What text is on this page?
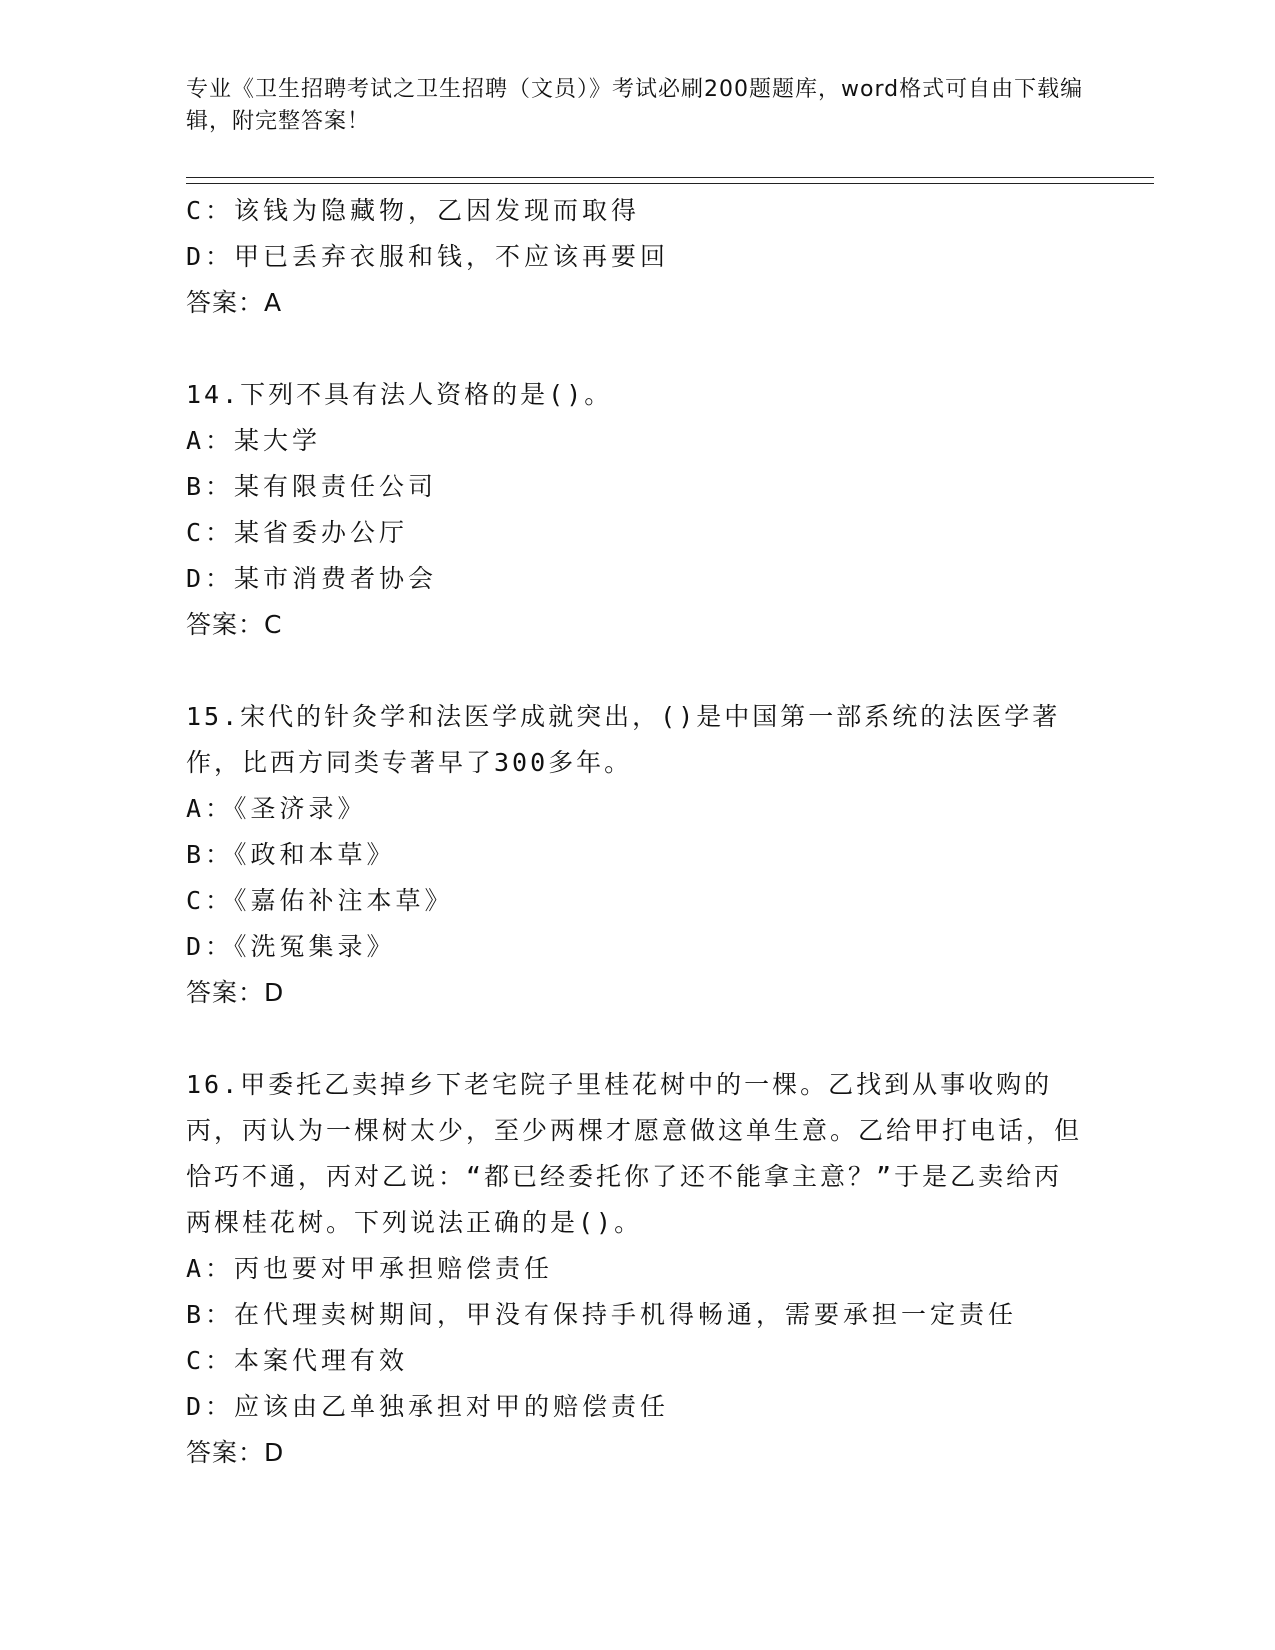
专业《卫生招聘考试之卫生招聘（文员）》考试必刷200题题库，word格式可自由下载编辑，附完整答案！
C：该钱为隐藏物，乙因发现而取得
D：甲已丢弃衣服和钱，不应该再要回
答案：A
14.下列不具有法人资格的是()。
A：某大学
B：某有限责任公司
C：某省委办公厅
D：某市消费者协会
答案：C
15.宋代的针灸学和法医学成就突出，()是中国第一部系统的法医学著作，比西方同类专著早了300多年。
A：《圣济录》
B：《政和本草》
C：《嘉佑补注本草》
D：《洗冤集录》
答案：D
16.甲委托乙卖掉乡下老宅院子里桂花树中的一棵。乙找到从事收购的丙，丙认为一棵树太少，至少两棵才愿意做这单生意。乙给甲打电话，但恰巧不通，丙对乙说：“都已经委托你了还不能拿主意？”于是乙卖给丙两棵桂花树。下列说法正确的是()。
A：丙也要对甲承担赔偿责任
B：在代理卖树期间，甲没有保持手机得畅通，需要承担一定责任
C：本案代理有效
D：应该由乙单独承担对甲的赔偿责任
答案：D
